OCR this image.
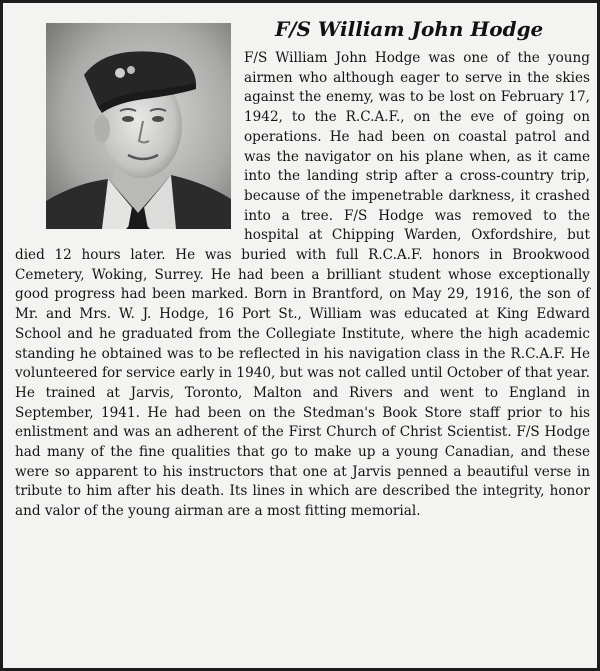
F/S William John Hodge

F/S William John Hodge was one of the young airmen who although eager to serve in the skies against the enemy, was to be lost on February 17, 1942, to the R.C.A.F., on the eve of going on operations. He had been on coastal patrol and was the navigator on his plane when, as it came into the landing strip after a cross-country trip, because of the impenetrable darkness, it crashed into a tree. F/S Hodge was removed to the hospital at Chipping Warden, Oxfordshire, but died 12 hours later. He was buried with full R.C.A.F. honors in Brookwood Cemetery, Woking, Surrey. He had been a brilliant student whose exceptionally good progress had been marked. Born in Brantford, on May 29, 1916, the son of Mr. and Mrs. W. J. Hodge, 16 Port St., William was educated at King Edward School and he graduated from the Collegiate Institute, where the high academic standing he obtained was to be reflected in his navigation class in the R.C.A.F. He volunteered for service early in 1940, but was not called until October of that year. He trained at Jarvis, Toronto, Malton and Rivers and went to England in September, 1941. He had been on the Stedman's Book Store staff prior to his enlistment and was an adherent of the First Church of Christ Scientist. F/S Hodge had many of the fine qualities that go to make up a young Canadian, and these were so apparent to his instructors that one at Jarvis penned a beautiful verse in tribute to him after his death. Its lines in which are described the integrity, honor and valor of the young airman are a most fitting memorial.
